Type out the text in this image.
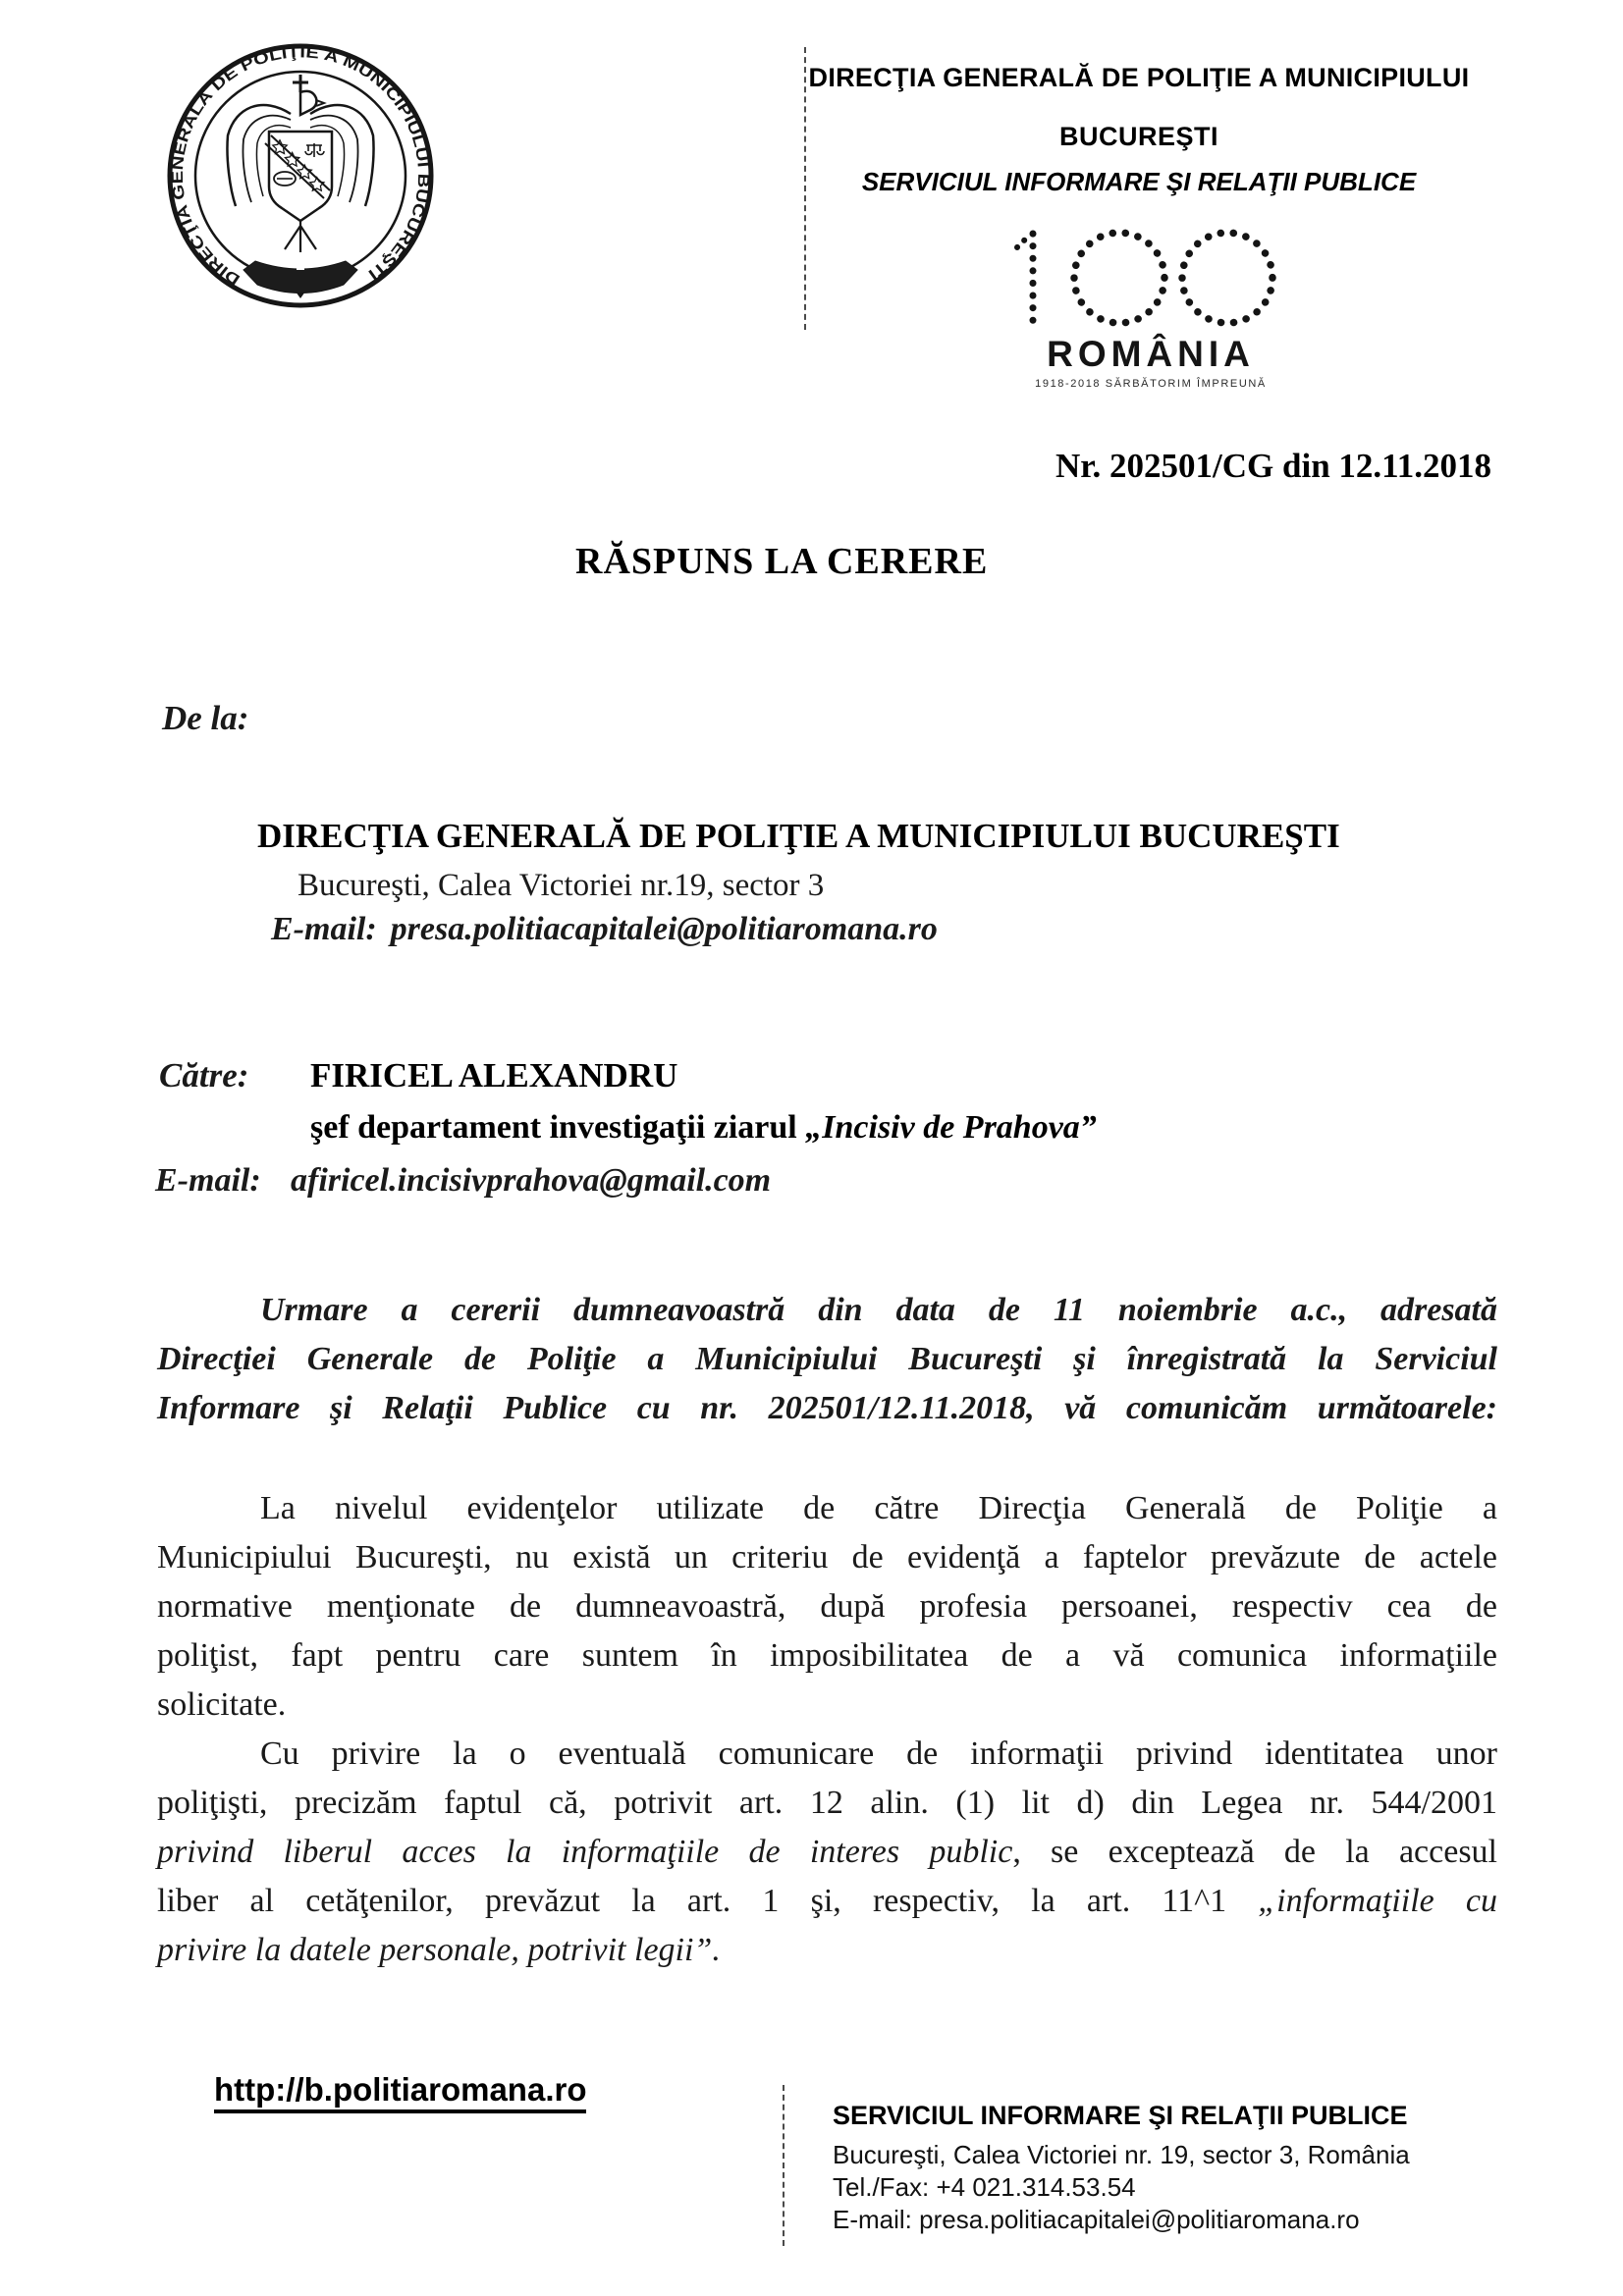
DIRECŢIA GENERALĂ DE POLIŢIE A MUNICIPIULUI BUCUREŞTI
DIRECŢIA GENERALĂ DE POLIŢIE A MUNICIPIULUI
BUCUREŞTI
SERVICIUL INFORMARE ŞI RELAŢII PUBLICE
ROMÂNIA
1918-2018 SĂRBĂTORIM ÎMPREUNĂ
Nr. 202501/CG din 12.11.2018
RĂSPUNS LA CERERE
De la:
DIRECŢIA GENERALĂ DE POLIŢIE A MUNICIPIULUI BUCUREŞTI
Bucureşti, Calea Victoriei nr.19, sector 3
E-mail: presa.politiacapitalei@politiaromana.ro
Către: FIRICEL ALEXANDRU
şef departament investigaţii ziarul „Incisiv de Prahova”
E-mail: afiricel.incisivprahova@gmail.com
Urmare a cererii dumneavoastră din data de 11 noiembrie a.c., adresată
Direcţiei Generale de Poliţie a Municipiului Bucureşti şi înregistrată la Serviciul
Informare şi Relaţii Publice cu nr. 202501/12.11.2018, vă comunicăm următoarele:
La nivelul evidenţelor utilizate de către Direcţia Generală de Poliţie a
Municipiului Bucureşti, nu există un criteriu de evidenţă a faptelor prevăzute de actele
normative menţionate de dumneavoastră, după profesia persoanei, respectiv cea de
poliţist, fapt pentru care suntem în imposibilitatea de a vă comunica informaţiile
solicitate.
Cu privire la o eventuală comunicare de informaţii privind identitatea unor
poliţişti, precizăm faptul că, potrivit art. 12 alin. (1) lit d) din Legea nr. 544/2001
privind liberul acces la informaţiile de interes public, se exceptează de la accesul
liber al cetăţenilor, prevăzut la art. 1 şi, respectiv, la art. 11^1 „informaţiile cu
privire la datele personale, potrivit legii”.
http://b.politiaromana.ro
SERVICIUL INFORMARE ŞI RELAŢII PUBLICE
Bucureşti, Calea Victoriei nr. 19, sector 3, România
Tel./Fax: +4 021.314.53.54
E-mail: presa.politiacapitalei@politiaromana.ro
